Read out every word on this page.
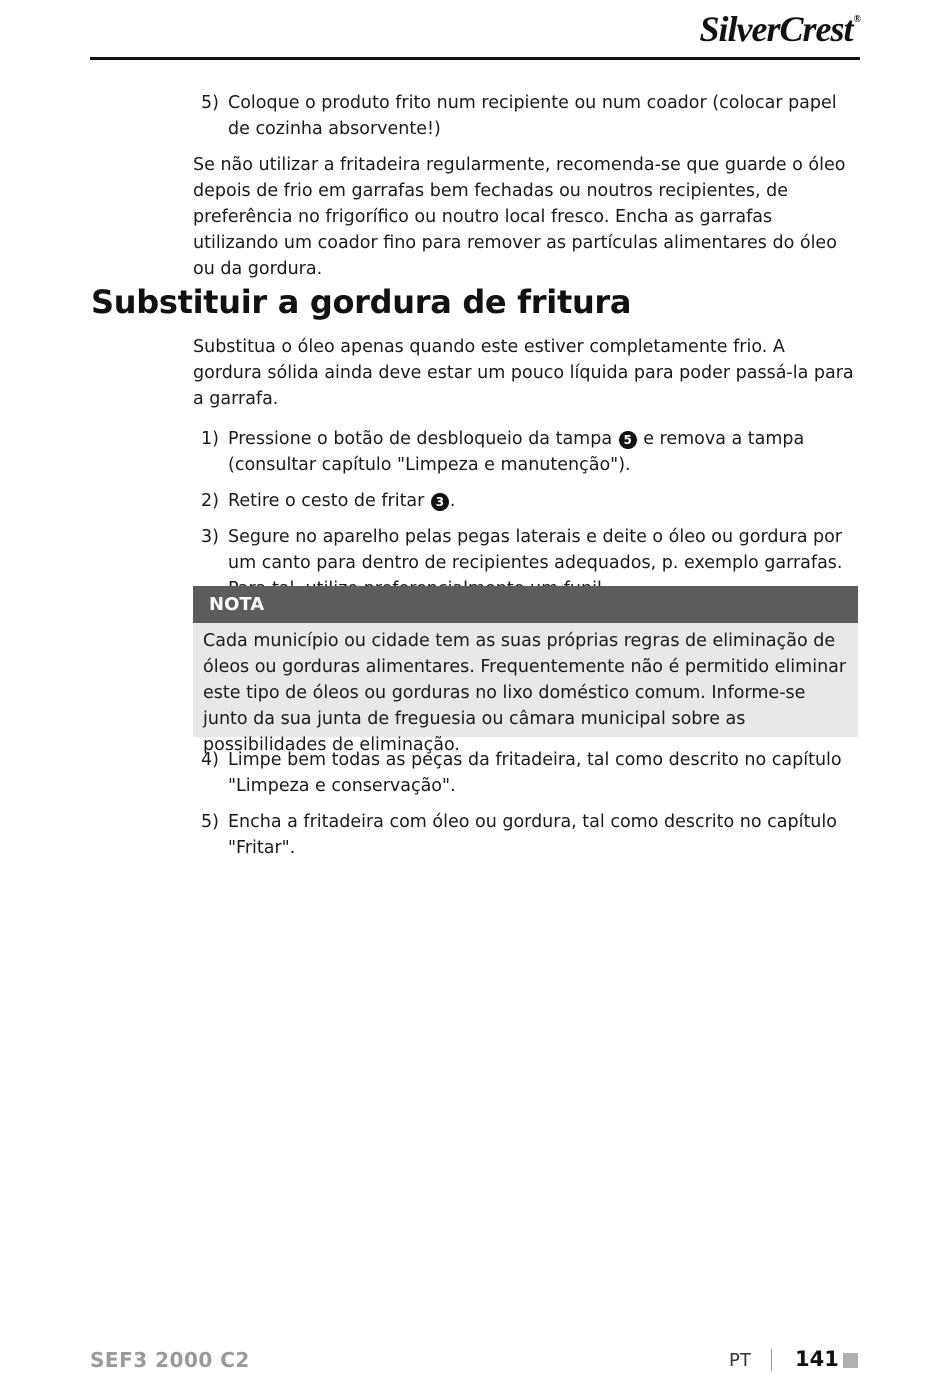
SilverCrest®
5) Coloque o produto frito num recipiente ou num coador (colocar papel de cozinha absorvente!)

Se não utilizar a fritadeira regularmente, recomenda-se que guarde o óleo depois de frio em garrafas bem fechadas ou noutros recipientes, de preferência no frigorífico ou noutro local fresco. Encha as garrafas utilizando um coador fino para remover as partículas alimentares do óleo ou da gordura.

Substituir a gordura de fritura

Substitua o óleo apenas quando este estiver completamente frio. A gordura sólida ainda deve estar um pouco líquida para poder passá-la para a garrafa.

1) Pressione o botão de desbloqueio da tampa 5 e remova a tampa (consultar capítulo "Limpeza e manutenção").
2) Retire o cesto de fritar 3 .
3) Segure no aparelho pelas pegas laterais e deite o óleo ou gordura por um canto para dentro de recipientes adequados, p. exemplo garrafas.
NOTA
Cada município ou cidade tem as suas próprias regras de eliminação de óleos ou gorduras alimentares. Frequentemente não é permitido eliminar este tipo de óleos ou gorduras no lixo doméstico comum. Informe-se junto da sua junta de freguesia ou câmara municipal sobre as possibilidades de eliminação.
4) Limpe bem todas as peças da fritadeira, tal como descrito no capítulo "Limpeza e conservação".
5) Encha a fritadeira com óleo ou gordura, tal como descrito no capítulo "Fritar".
SEF3 2000 C2	PT 141
